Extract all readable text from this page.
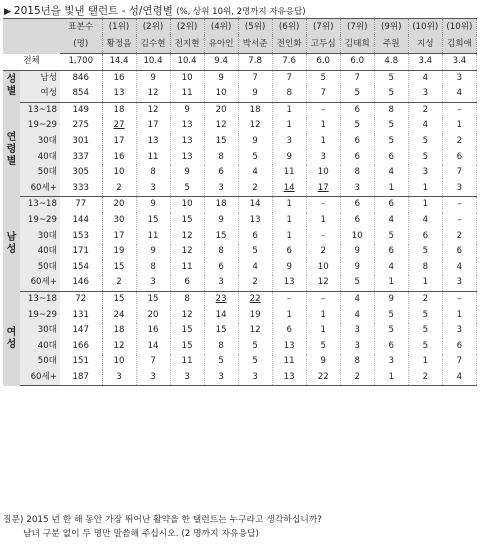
▶ 2015년을 빛낸 탤런트 - 성/연령별 (%, 상위 10위, 2명까지 자유응답)
		표본수	(1위)	(2위)	(2위)	(4위)	(5위)	(6위)	(7위)	(7위)	(9위)	(10위)	(10위)
		(명)	황정음	김수현	전지현	유아인	박서준	전인화	고두심	김태희	주원	지성	김희애
전체		1,700	14.4	10.4	10.4	9.4	7.8	7.6	6.0	6.0	4.8	3.4	3.4
성별	남성	846	16	9	10	9	7	7	5	7	5	4	3
	여성	854	13	12	11	10	9	8	7	5	5	3	4
연령별	13~18	149	18	12	9	20	18	1	–	6	8	2	–
	19~29	275	27	17	13	12	12	1	1	5	5	4	1
	30대	301	17	13	13	15	9	3	1	6	5	5	2
	40대	337	16	11	13	8	5	9	3	6	6	5	6
	50대	305	10	8	9	6	4	11	10	8	4	3	7
	60세+	333	2	3	5	3	2	14	17	3	1	1	3
남성	13~18	77	20	9	10	18	14	1	–	6	6	1	–
	19~29	144	30	15	15	9	13	1	1	6	4	4	–
	30대	153	17	11	12	15	6	1	–	10	5	6	2
	40대	171	19	9	12	8	5	6	2	9	6	5	6
	50대	154	15	8	11	6	4	9	10	9	4	8	4
	60세+	146	2	3	6	3	2	13	12	5	1	1	3
여성	13~18	72	15	15	8	23	22	–	–	4	9	2	–
	19~29	131	24	20	12	14	19	1	1	4	5	5	1
	30대	147	18	16	15	15	12	6	1	3	5	5	3
	40대	166	12	14	15	8	5	13	5	3	6	5	6
	50대	151	10	7	11	5	5	11	9	8	3	1	7
	60세+	187	3	3	3	3	3	13	22	2	1	2	4
질문) 2015 년 한 해 동안 가장 뛰어난 활약을 한 탤런트는 누구라고 생각하십니까?
남녀 구분 없이 두 명만 말씀해 주십시오. (2 명까지 자유응답)
